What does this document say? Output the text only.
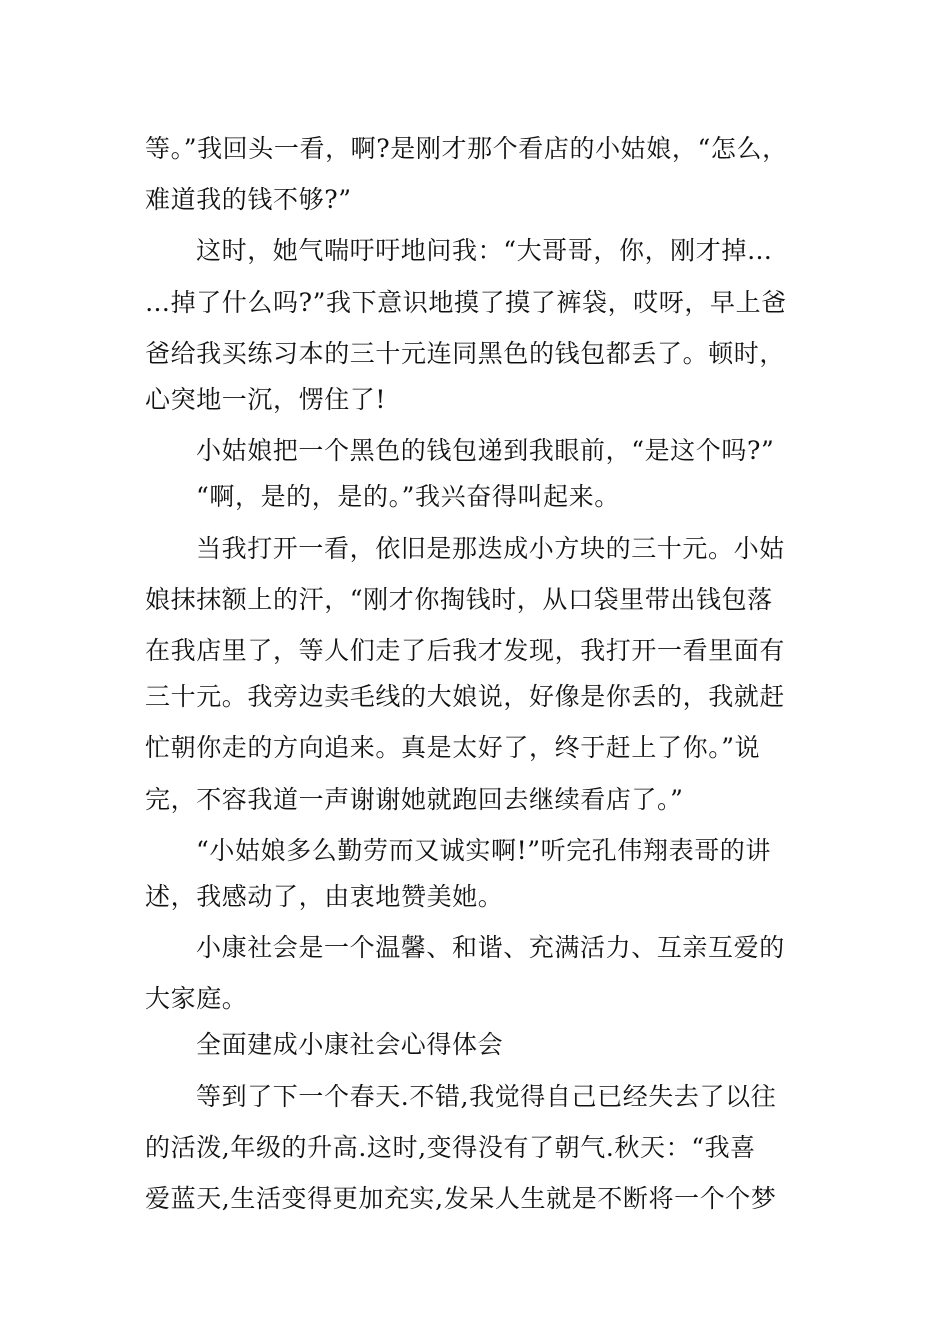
等。”我回头一看，啊?是刚才那个看店的小姑娘，“怎么，
难道我的钱不够?”
这时，她气喘吁吁地问我：“大哥哥，你，刚才掉…
…掉了什么吗?”我下意识地摸了摸了裤袋，哎呀，早上爸
爸给我买练习本的三十元连同黑色的钱包都丢了。顿时，
心突地一沉，愣住了!
小姑娘把一个黑色的钱包递到我眼前，“是这个吗?”
“啊，是的，是的。”我兴奋得叫起来。
当我打开一看，依旧是那迭成小方块的三十元。小姑
娘抹抹额上的汗，“刚才你掏钱时，从口袋里带出钱包落
在我店里了，等人们走了后我才发现，我打开一看里面有
三十元。我旁边卖毛线的大娘说，好像是你丢的，我就赶
忙朝你走的方向追来。真是太好了，终于赶上了你。”说
完，不容我道一声谢谢她就跑回去继续看店了。”
“小姑娘多么勤劳而又诚实啊!”听完孔伟翔表哥的讲
述，我感动了，由衷地赞美她。
小康社会是一个温馨、和谐、充满活力、互亲互爱的
大家庭。
全面建成小康社会心得体会
等到了下一个春天.不错,我觉得自己已经失去了以往
的活泼,年级的升高.这时,变得没有了朝气.秋天：“我喜
爱蓝天,生活变得更加充实,发呆人生就是不断将一个个梦
